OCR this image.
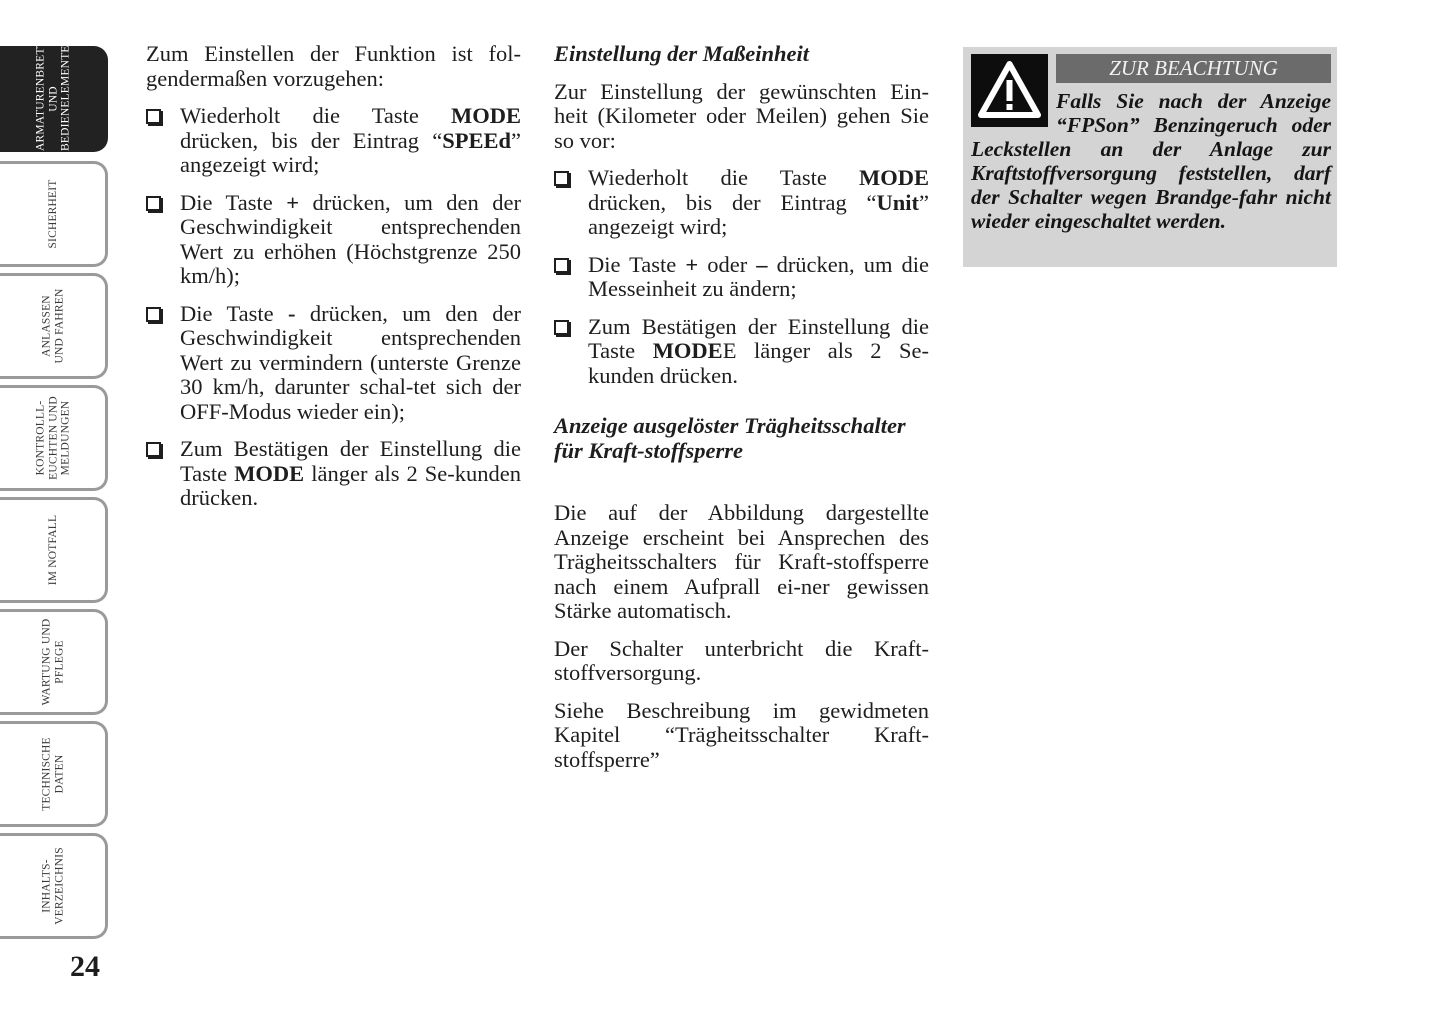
ARMATURENBRETT
UND
BEDIENELEMENTE
SICHERHEIT
ANLASSEN
UND FAHREN
KONTROLLL-
EUCHTEN UND
MELDUNGEN
IM NOTFALL
WARTUNG UND
PFLEGE
TECHNISCHE
DATEN
INHALTS-
VERZEICHNIS
24

Zum Einstellen der Funktion ist fol-gendermaßen vorzugehen:

Wiederholt die Taste MODE drücken, bis der Eintrag “SPEEd” angezeigt wird;
Die Taste + drücken, um den der Geschwindigkeit entsprechenden Wert zu erhöhen (Höchstgrenze 250 km/h);
Die Taste - drücken, um den der Geschwindigkeit entsprechenden Wert zu vermindern (unterste Grenze 30 km/h, darunter schal-tet sich der OFF-Modus wieder ein);
Zum Bestätigen der Einstellung die Taste MODE länger als 2 Se-kunden drücken.
Einstellung der Maßeinheit

Zur Einstellung der gewünschten Ein-heit (Kilometer oder Meilen) gehen Sie so vor:

Wiederholt die Taste MODE drücken, bis der Eintrag “Unit” angezeigt wird;
Die Taste + oder – drücken, um die Messeinheit zu ändern;
Zum Bestätigen der Einstellung die Taste MODEE länger als 2 Se-kunden drücken.
Anzeige ausgelöster Trägheitsschalter für Kraft-stoffsperre

Die auf der Abbildung dargestellte Anzeige erscheint bei Ansprechen des Trägheitsschalters für Kraft-stoffsperre nach einem Aufprall ei-ner gewissen Stärke automatisch.

Der Schalter unterbricht die Kraft-stoffversorgung.

Siehe Beschreibung im gewidmeten Kapitel “Trägheitsschalter Kraft-stoffsperre”

ZUR BEACHTUNG
Falls Sie nach der Anzeige “FPSon” Benzingeruch oder Leckstellen an der Anlage zur Kraftstoffversorgung feststellen, darf der Schalter wegen Brandge-fahr nicht wieder eingeschaltet werden.
